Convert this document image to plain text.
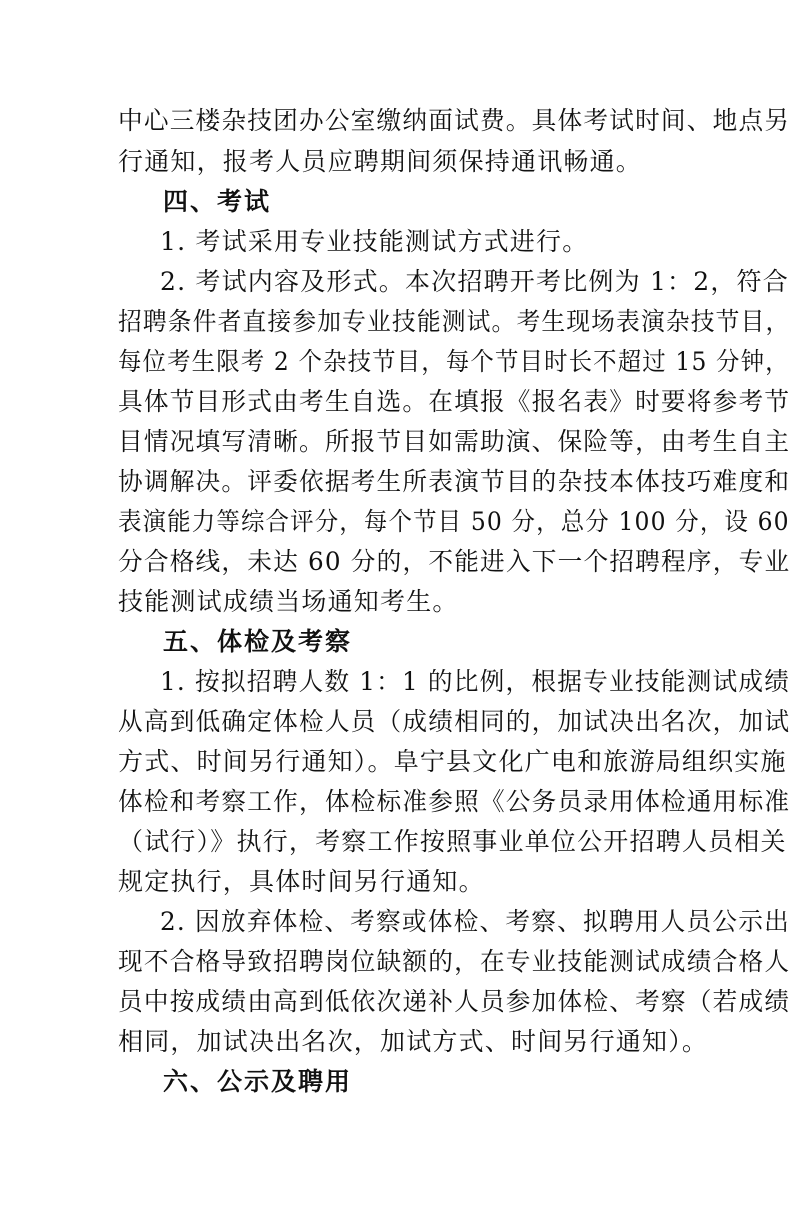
中心三楼杂技团办公室缴纳面试费。具体考试时间、地点另
行通知，报考人员应聘期间须保持通讯畅通。
四、考试
1. 考试采用专业技能测试方式进行。
2. 考试内容及形式。本次招聘开考比例为 1：2，符合
招聘条件者直接参加专业技能测试。考生现场表演杂技节目，
每位考生限考 2 个杂技节目，每个节目时长不超过 15 分钟，
具体节目形式由考生自选。在填报《报名表》时要将参考节
目情况填写清晰。所报节目如需助演、保险等，由考生自主
协调解决。评委依据考生所表演节目的杂技本体技巧难度和
表演能力等综合评分，每个节目 50 分，总分 100 分，设 60
分合格线，未达 60 分的，不能进入下一个招聘程序，专业
技能测试成绩当场通知考生。
五、体检及考察
1. 按拟招聘人数 1：1 的比例，根据专业技能测试成绩
从高到低确定体检人员（成绩相同的，加试决出名次，加试
方式、时间另行通知）。阜宁县文化广电和旅游局组织实施
体检和考察工作，体检标准参照《公务员录用体检通用标准
（试行）》执行，考察工作按照事业单位公开招聘人员相关
规定执行，具体时间另行通知。
2. 因放弃体检、考察或体检、考察、拟聘用人员公示出
现不合格导致招聘岗位缺额的，在专业技能测试成绩合格人
员中按成绩由高到低依次递补人员参加体检、考察（若成绩
相同，加试决出名次，加试方式、时间另行通知）。
六、公示及聘用
